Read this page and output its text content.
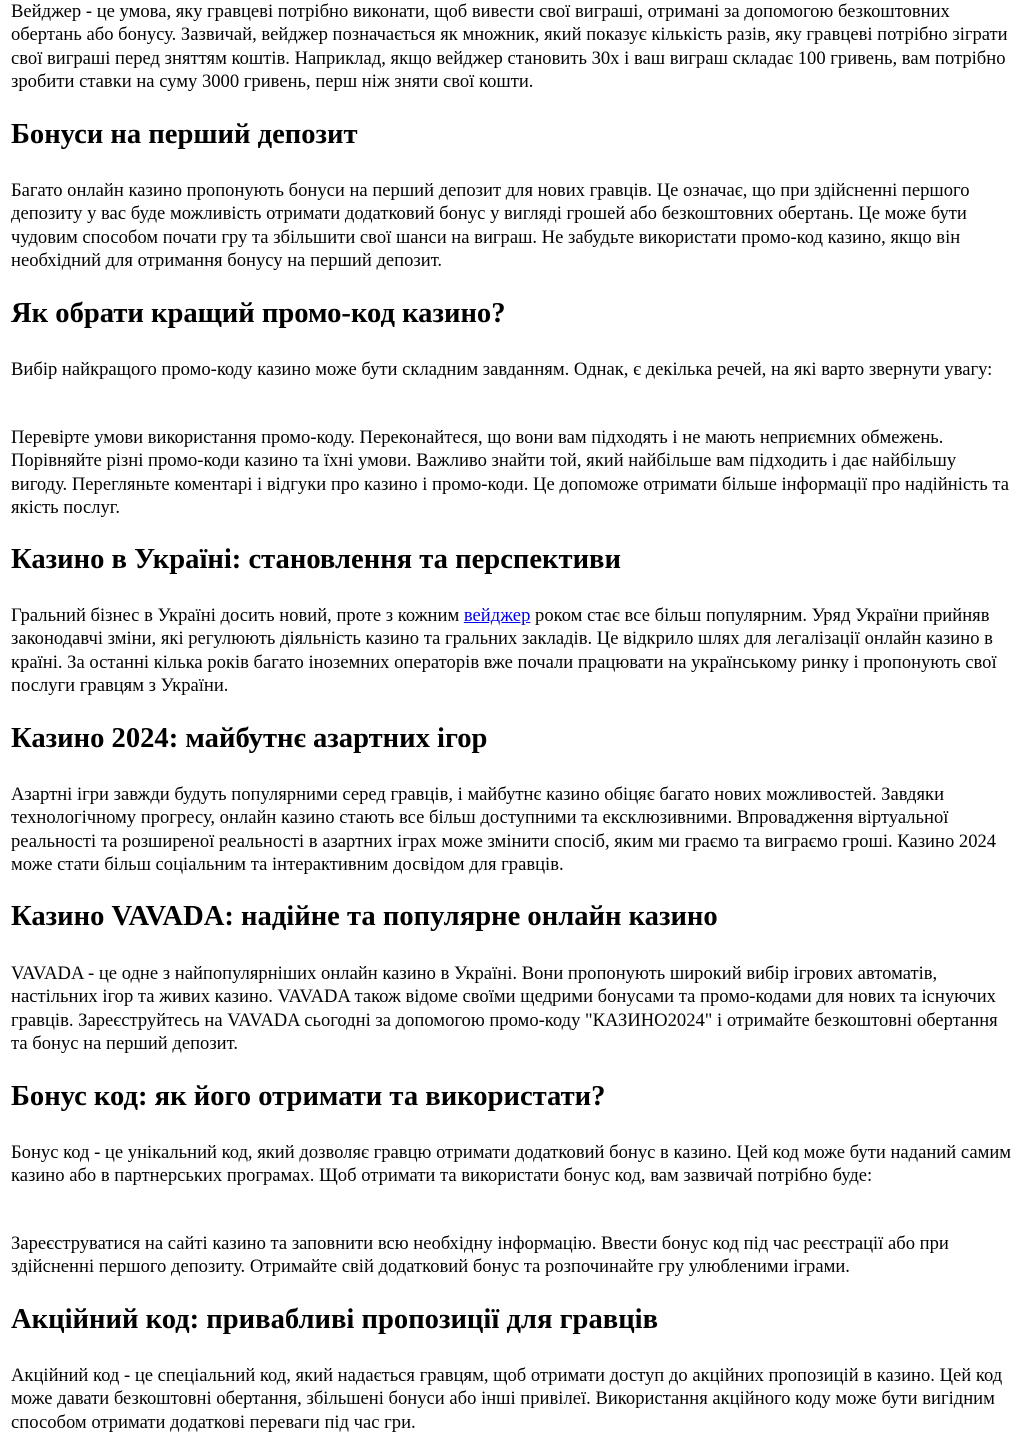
Вейджер - це умова, яку гравцеві потрібно виконати, щоб вивести свої виграші, отримані за допомогою безкоштовних обертань або бонусу. Зазвичай, вейджер позначається як множник, який показує кількість разів, яку гравцеві потрібно зіграти свої виграші перед зняттям коштів. Наприклад, якщо вейджер становить 30x і ваш виграш складає 100 гривень, вам потрібно зробити ставки на суму 3000 гривень, перш ніж зняти свої кошти.

Бонуси на перший депозит

Багато онлайн казино пропонують бонуси на перший депозит для нових гравців. Це означає, що при здійсненні першого депозиту у вас буде можливість отримати додатковий бонус у вигляді грошей або безкоштовних обертань. Це може бути чудовим способом почати гру та збільшити свої шанси на виграш. Не забудьте використати промо-код казино, якщо він необхідний для отримання бонусу на перший депозит.

Як обрати кращий промо-код казино?

Вибір найкращого промо-коду казино може бути складним завданням. Однак, є декілька речей, на які варто звернути увагу:

Перевірте умови використання промо-коду. Переконайтеся, що вони вам підходять і не мають неприємних обмежень. Порівняйте різні промо-коди казино та їхні умови. Важливо знайти той, який найбільше вам підходить і дає найбільшу вигоду. Перегляньте коментарі і відгуки про казино і промо-коди. Це допоможе отримати більше інформації про надійність та якість послуг.

Казино в Україні: становлення та перспективи

Гральний бізнес в Україні досить новий, проте з кожним вейджер роком стає все більш популярним. Уряд України прийняв законодавчі зміни, які регулюють діяльність казино та гральних закладів. Це відкрило шлях для легалізації онлайн казино в країні. За останні кілька років багато іноземних операторів вже почали працювати на українському ринку і пропонують свої послуги гравцям з України.

Казино 2024: майбутнє азартних ігор

Азартні ігри завжди будуть популярними серед гравців, і майбутнє казино обіцяє багато нових можливостей. Завдяки технологічному прогресу, онлайн казино стають все більш доступними та ексклюзивними. Впровадження віртуальної реальності та розширеної реальності в азартних іграх може змінити спосіб, яким ми граємо та виграємо гроші. Казино 2024 може стати більш соціальним та інтерактивним досвідом для гравців.

Казино VAVADA: надійне та популярне онлайн казино

VAVADA - це одне з найпопулярніших онлайн казино в Україні. Вони пропонують широкий вибір ігрових автоматів, настільних ігор та живих казино. VAVADA також відоме своїми щедрими бонусами та промо-кодами для нових та існуючих гравців. Зареєструйтесь на VAVADA сьогодні за допомогою промо-коду "КАЗИНО2024" і отримайте безкоштовні обертання та бонус на перший депозит.

Бонус код: як його отримати та використати?

Бонус код - це унікальний код, який дозволяє гравцю отримати додатковий бонус в казино. Цей код може бути наданий самим казино або в партнерських програмах. Щоб отримати та використати бонус код, вам зазвичай потрібно буде:

Зареєструватися на сайті казино та заповнити всю необхідну інформацію. Ввести бонус код під час реєстрації або при здійсненні першого депозиту. Отримайте свій додатковий бонус та розпочинайте гру улюбленими іграми.

Акційний код: привабливі пропозиції для гравців

Акційний код - це спеціальний код, який надається гравцям, щоб отримати доступ до акційних пропозицій в казино. Цей код може давати безкоштовні обертання, збільшені бонуси або інші привілеї. Використання акційного коду може бути вигідним способом отримати додаткові переваги під час гри.
